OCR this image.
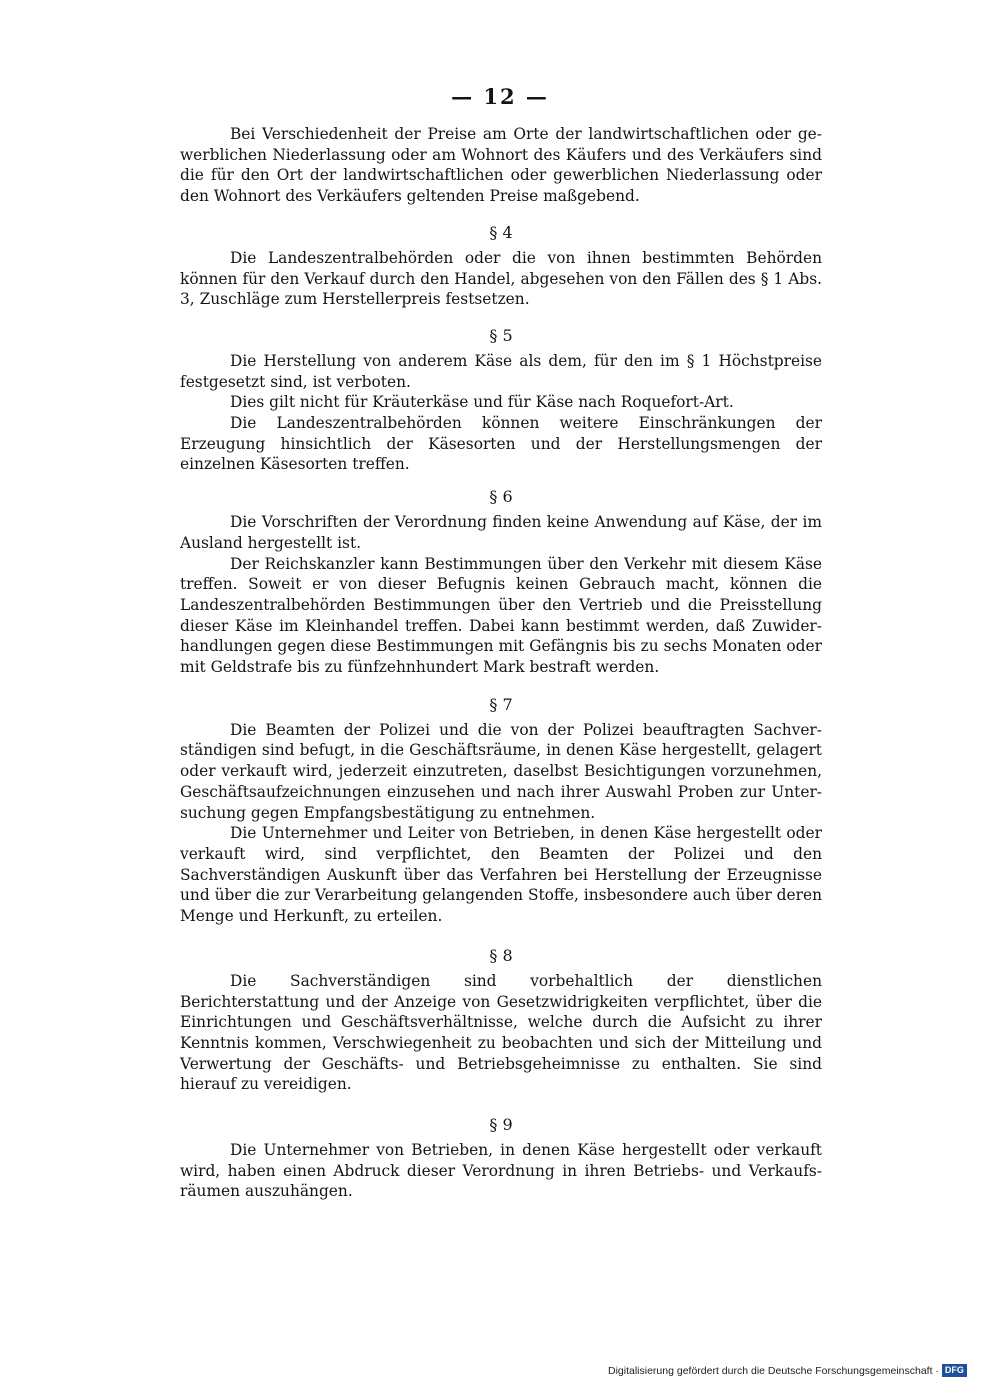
— 12 —

Bei Verschiedenheit der Preise am Orte der landwirtschaftlichen oder gewerblichen Niederlassung oder am Wohnort des Käufers und des Verkäufers sind die für den Ort der landwirtschaftlichen oder gewerblichen Niederlassung oder den Wohnort des Verkäufers geltenden Preise maßgebend.

§ 4

Die Landeszentralbehörden oder die von ihnen bestimmten Behörden können für den Verkauf durch den Handel, abgesehen von den Fällen des § 1 Abs. 3, Zuschläge zum Herstellerpreis festsetzen.

§ 5

Die Herstellung von anderem Käse als dem, für den im § 1 Höchstpreise festgesetzt sind, ist verboten.

Dies gilt nicht für Kräuterkäse und für Käse nach Roquefort-Art.

Die Landeszentralbehörden können weitere Einschränkungen der Erzeugung hinsichtlich der Käsesorten und der Herstellungsmengen der einzelnen Käsesorten treffen.

§ 6

Die Vorschriften der Verordnung finden keine Anwendung auf Käse, der im Ausland hergestellt ist.

Der Reichskanzler kann Bestimmungen über den Verkehr mit diesem Käse treffen. Soweit er von dieser Befugnis keinen Gebrauch macht, können die Landeszentralbehörden Bestimmungen über den Vertrieb und die Preisstellung dieser Käse im Kleinhandel treffen. Dabei kann bestimmt werden, daß Zuwiderhandlungen gegen diese Bestimmungen mit Gefängnis bis zu sechs Monaten oder mit Geldstrafe bis zu fünfzehnhundert Mark bestraft werden.

§ 7

Die Beamten der Polizei und die von der Polizei beauftragten Sachverständigen sind befugt, in die Geschäftsräume, in denen Käse hergestellt, gelagert oder verkauft wird, jederzeit einzutreten, daselbst Besichtigungen vorzunehmen, Geschäftsaufzeichnungen einzusehen und nach ihrer Auswahl Proben zur Untersuchung gegen Empfangsbestätigung zu entnehmen.

Die Unternehmer und Leiter von Betrieben, in denen Käse hergestellt oder verkauft wird, sind verpflichtet, den Beamten der Polizei und den Sachverständigen Auskunft über das Verfahren bei Herstellung der Erzeugnisse und über die zur Verarbeitung gelangenden Stoffe, insbesondere auch über deren Menge und Herkunft, zu erteilen.

§ 8

Die Sachverständigen sind vorbehaltlich der dienstlichen Berichterstattung und der Anzeige von Gesetzwidrigkeiten verpflichtet, über die Einrichtungen und Geschäftsverhältnisse, welche durch die Aufsicht zu ihrer Kenntnis kommen, Verschwiegenheit zu beobachten und sich der Mitteilung und Verwertung der Geschäfts- und Betriebsgeheimnisse zu enthalten. Sie sind hierauf zu vereidigen.

§ 9

Die Unternehmer von Betrieben, in denen Käse hergestellt oder verkauft wird, haben einen Abdruck dieser Verordnung in ihren Betriebs- und Verkaufsräumen auszuhängen.

Digitalisierung gefördert durch die Deutsche Forschungsgemeinschaft · DFG
